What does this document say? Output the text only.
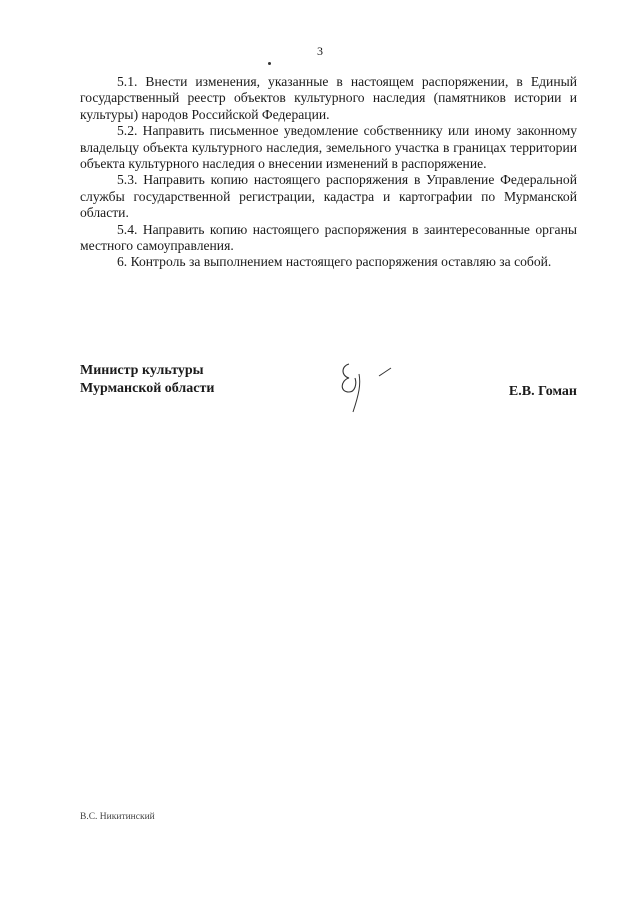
3

5.1. Внести изменения, указанные в настоящем распоряжении, в Единый государственный реестр объектов культурного наследия (памятников истории и культуры) народов Российской Федерации.

5.2. Направить письменное уведомление собственнику или иному законному владельцу объекта культурного наследия, земельного участка в границах территории объекта культурного наследия о внесении изменений в распоряжение.

5.3. Направить копию настоящего распоряжения в Управление Федеральной службы государственной регистрации, кадастра и картографии по Мурманской области.

5.4. Направить копию настоящего распоряжения в заинтересованные органы местного самоуправления.

6. Контроль за выполнением настоящего распоряжения оставляю за собой.

Министр культуры
Мурманской области	Е.В. Гоман
В.С. Никитинский
